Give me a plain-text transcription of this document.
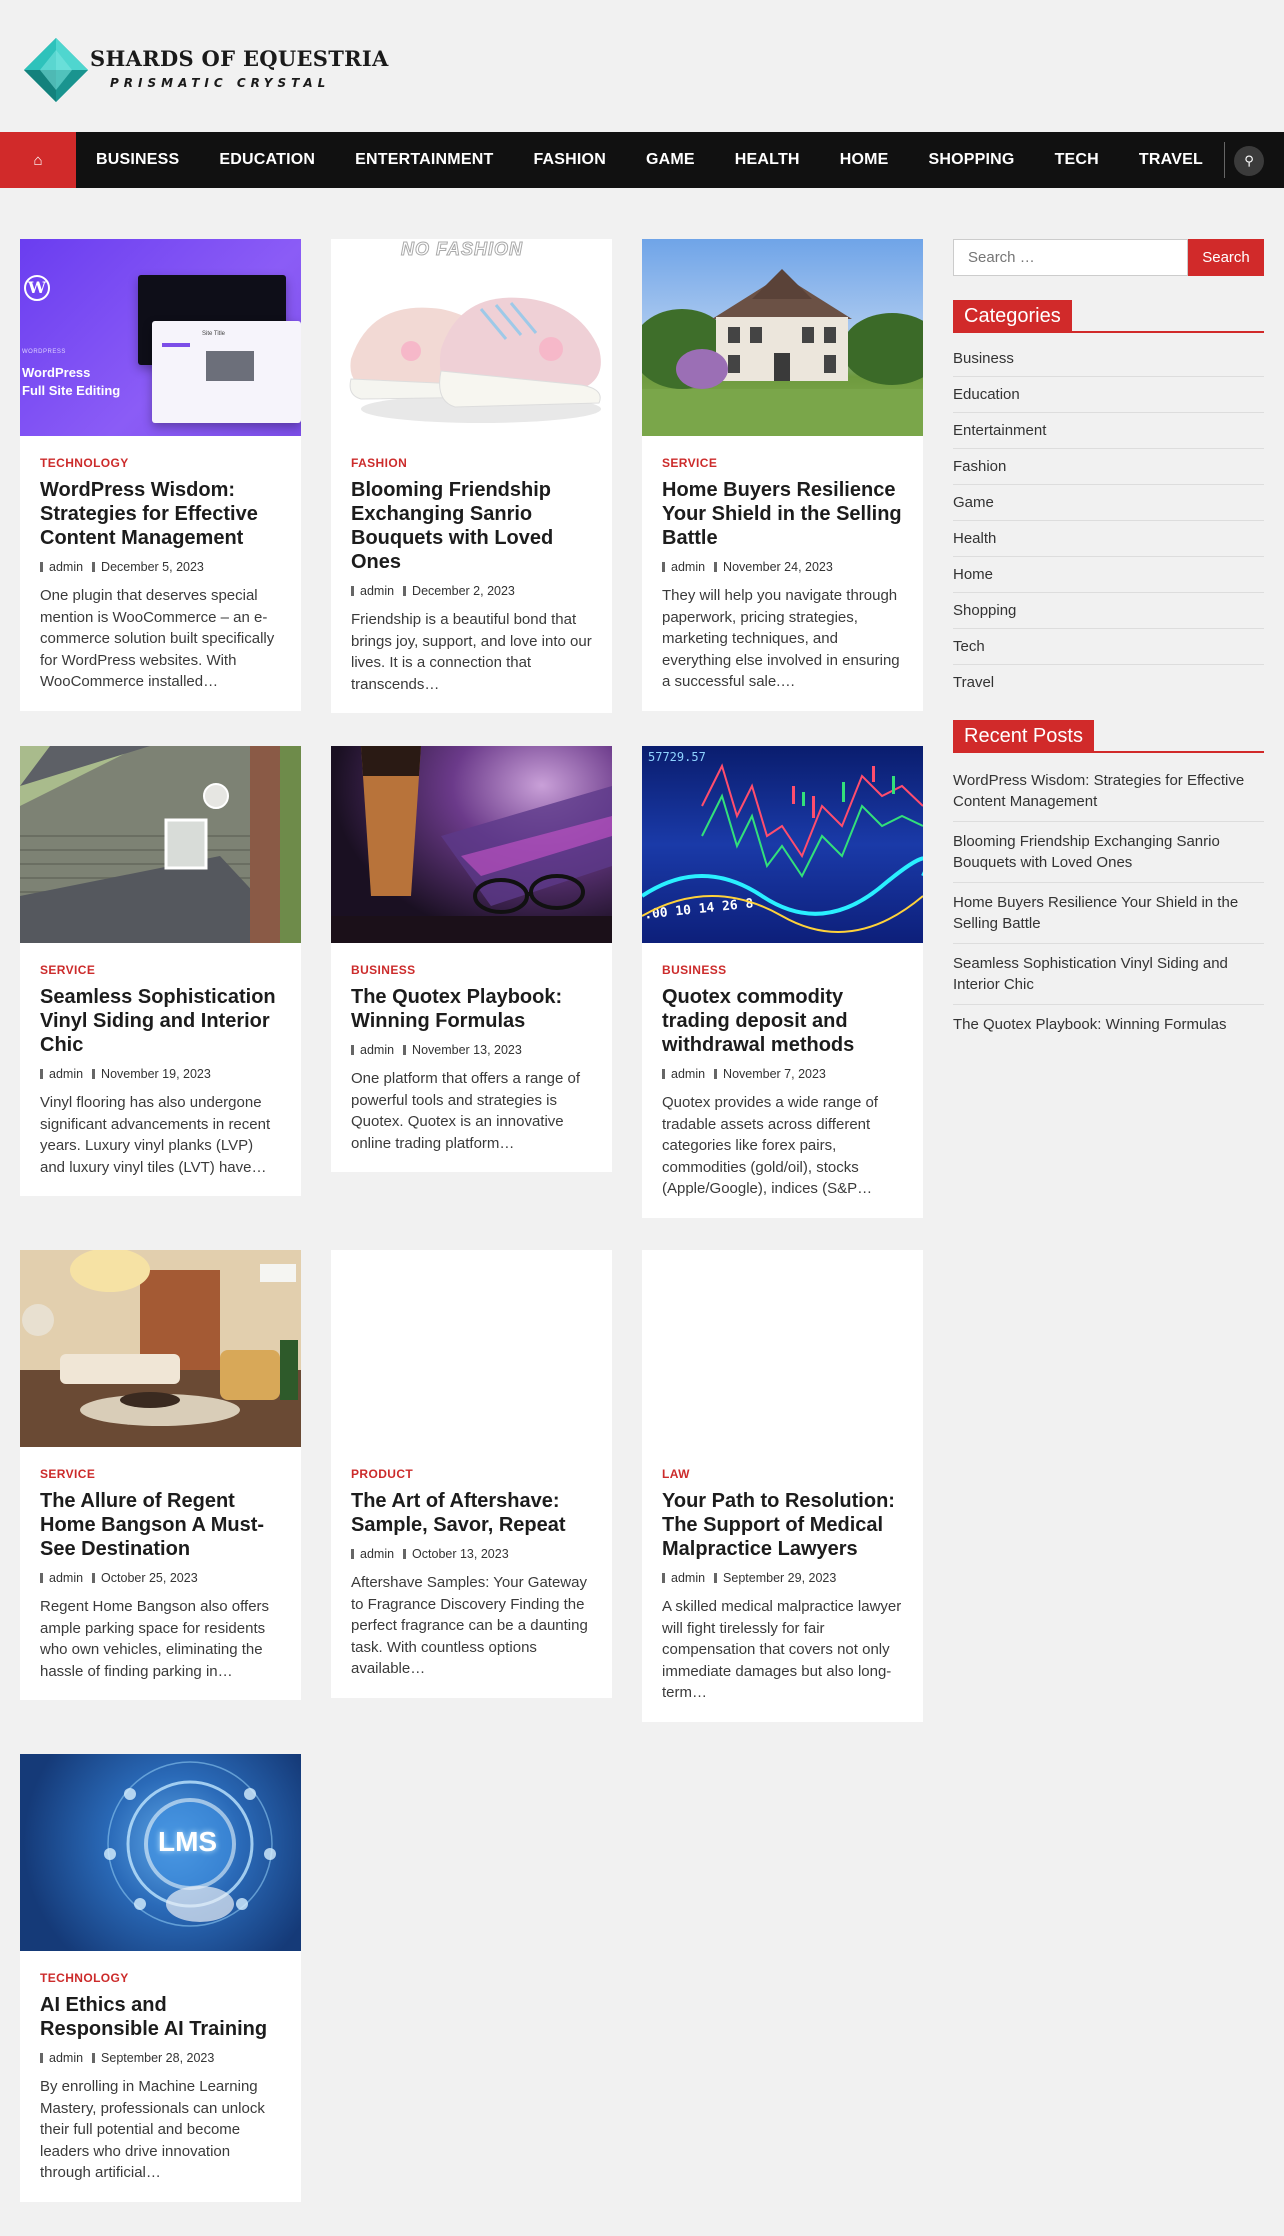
SHARDS OF EQUESTRIA
PRISMATIC CRYSTAL
⌂	BUSINESS	EDUCATION	ENTERTAINMENT	FASHION	GAME	HEALTH	HOME	SHOPPING	TECH	TRAVEL	⚲
W
WORDPRESS
WordPress
Full Site Editing
Site Title
TECHNOLOGY
WordPress Wisdom: Strategies for Effective Content Management
admin December 5, 2023
One plugin that deserves special mention is WooCommerce – an e-commerce solution built specifically for WordPress websites. With WooCommerce installed…
NO FASHION
FASHION
Blooming Friendship Exchanging Sanrio Bouquets with Loved Ones
admin December 2, 2023
Friendship is a beautiful bond that brings joy, support, and love into our lives. It is a connection that transcends…
SERVICE
Home Buyers Resilience Your Shield in the Selling Battle
admin November 24, 2023
They will help you navigate through paperwork, pricing strategies, marketing techniques, and everything else involved in ensuring a successful sale.…
SERVICE
Seamless Sophistication Vinyl Siding and Interior Chic
admin November 19, 2023
Vinyl flooring has also undergone significant advancements in recent years. Luxury vinyl planks (LVP) and luxury vinyl tiles (LVT) have…
BUSINESS
The Quotex Playbook: Winning Formulas
admin November 13, 2023
One platform that offers a range of powerful tools and strategies is Quotex. Quotex is an innovative online trading platform…
57729.57
.00 10 14 26 8
BUSINESS
Quotex commodity trading deposit and withdrawal methods
admin November 7, 2023
Quotex provides a wide range of tradable assets across different categories like forex pairs, commodities (gold/oil), stocks (Apple/Google), indices (S&P…
SERVICE
The Allure of Regent Home Bangson A Must-See Destination
admin October 25, 2023
Regent Home Bangson also offers ample parking space for residents who own vehicles, eliminating the hassle of finding parking in…
PRODUCT
The Art of Aftershave: Sample, Savor, Repeat
admin October 13, 2023
Aftershave Samples: Your Gateway to Fragrance Discovery Finding the perfect fragrance can be a daunting task. With countless options available…
LAW
Your Path to Resolution: The Support of Medical Malpractice Lawyers
admin September 29, 2023
A skilled medical malpractice lawyer will fight tirelessly for fair compensation that covers not only immediate damages but also long-term…
LMS
TECHNOLOGY
AI Ethics and Responsible AI Training
admin September 28, 2023
By enrolling in Machine Learning Mastery, professionals can unlock their full potential and become leaders who drive innovation through artificial…
Search …
Search
Categories
Business
Education
Entertainment
Fashion
Game
Health
Home
Shopping
Tech
Travel
Recent Posts
WordPress Wisdom: Strategies for Effective Content Management
Blooming Friendship Exchanging Sanrio Bouquets with Loved Ones
Home Buyers Resilience Your Shield in the Selling Battle
Seamless Sophistication Vinyl Siding and Interior Chic
The Quotex Playbook: Winning Formulas
